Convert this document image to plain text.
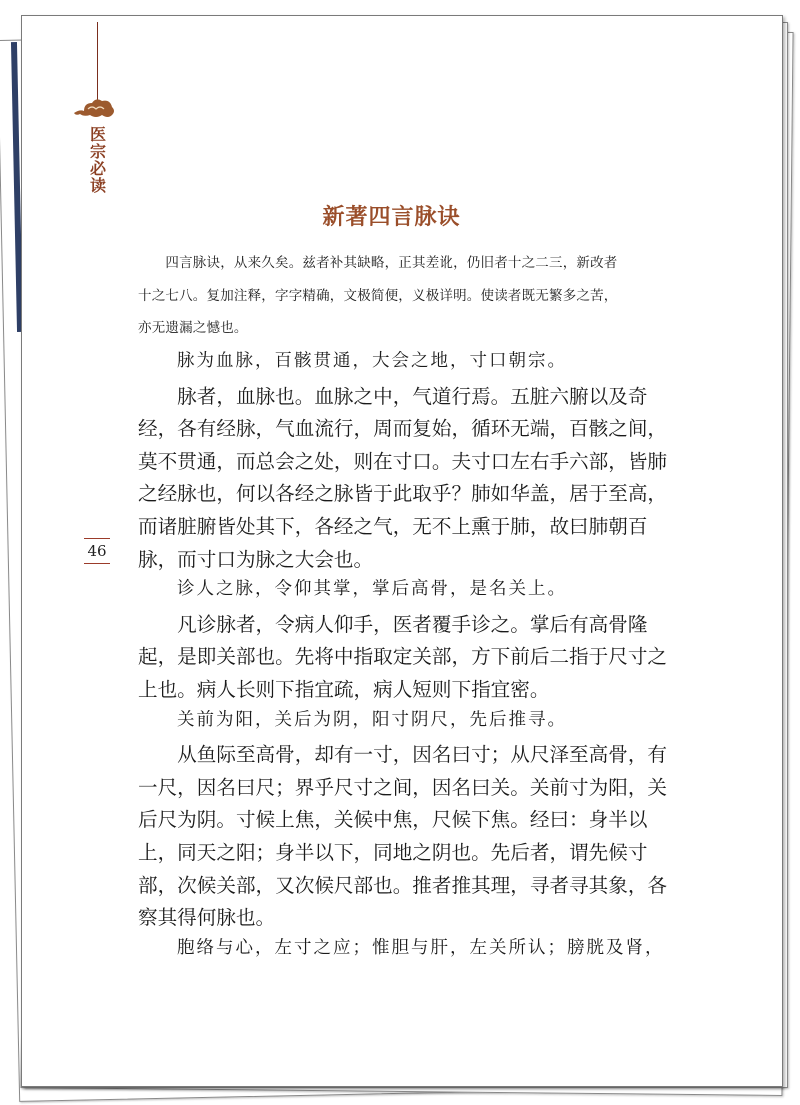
医
宗
必
读
46
新著四言脉诀
　　四言脉诀，从来久矣。兹者补其缺略，正其差讹，仍旧者十之二三，新改者
十之七八。复加注释，字字精确，文极简便，义极详明。使读者既无繁多之苦，
亦无遗漏之憾也。
　　脉为血脉，百骸贯通，大会之地，寸口朝宗。
　　脉者，血脉也。血脉之中，气道行焉。五脏六腑以及奇
经，各有经脉，气血流行，周而复始，循环无端，百骸之间，
莫不贯通，而总会之处，则在寸口。夫寸口左右手六部，皆肺
之经脉也，何以各经之脉皆于此取乎？肺如华盖，居于至高，
而诸脏腑皆处其下，各经之气，无不上熏于肺，故曰肺朝百
脉，而寸口为脉之大会也。
　　诊人之脉，令仰其掌，掌后高骨，是名关上。
　　凡诊脉者，令病人仰手，医者覆手诊之。掌后有高骨隆
起，是即关部也。先将中指取定关部，方下前后二指于尺寸之
上也。病人长则下指宜疏，病人短则下指宜密。
　　关前为阳，关后为阴，阳寸阴尺，先后推寻。
　　从鱼际至高骨，却有一寸，因名曰寸；从尺泽至高骨，有
一尺，因名曰尺；界乎尺寸之间，因名曰关。关前寸为阳，关
后尺为阴。寸候上焦，关候中焦，尺候下焦。经曰：身半以
上，同天之阳；身半以下，同地之阴也。先后者，谓先候寸
部，次候关部，又次候尺部也。推者推其理，寻者寻其象，各
察其得何脉也。
　　胞络与心，左寸之应；惟胆与肝，左关所认；膀胱及肾，
